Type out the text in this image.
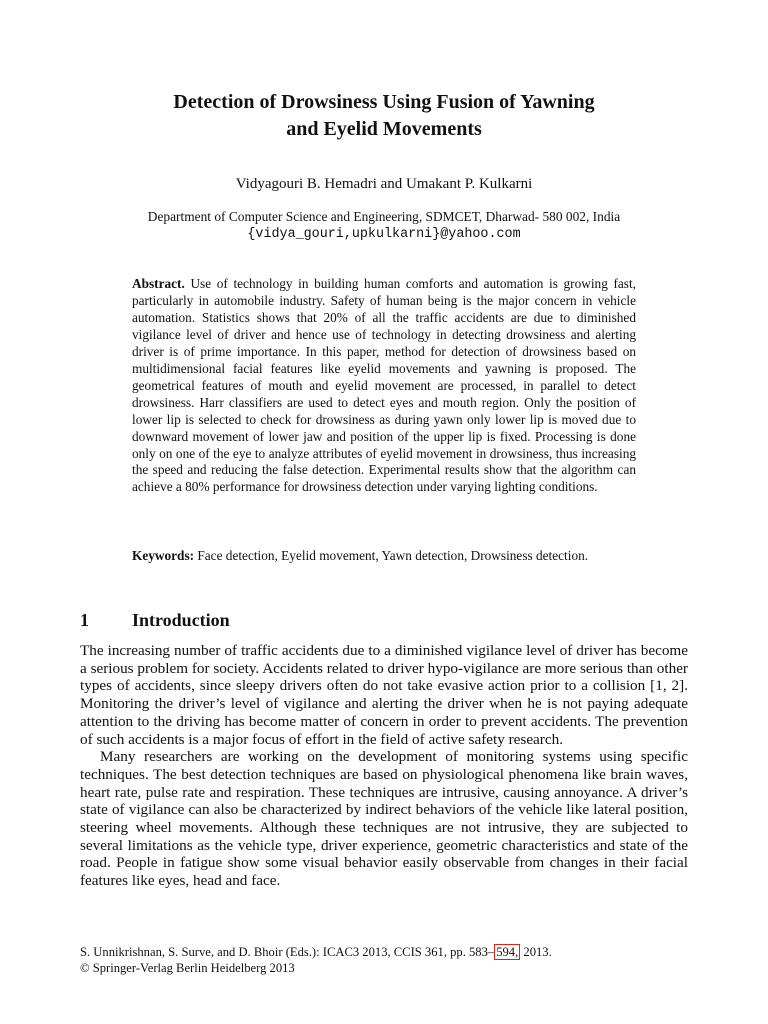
Detection of Drowsiness Using Fusion of Yawning
and Eyelid Movements
Vidyagouri B. Hemadri and Umakant P. Kulkarni
Department of Computer Science and Engineering, SDMCET, Dharwad- 580 002, India
{vidya_gouri,upkulkarni}@yahoo.com

Abstract. Use of technology in building human comforts and automation is growing fast, particularly in automobile industry. Safety of human being is the major concern in vehicle automation. Statistics shows that 20% of all the traffic accidents are due to diminished vigilance level of driver and hence use of technology in detecting drowsiness and alerting driver is of prime importance. In this paper, method for detection of drowsiness based on multidimensional facial features like eyelid movements and yawning is proposed. The geometrical features of mouth and eyelid movement are processed, in parallel to detect drowsiness. Harr classifiers are used to detect eyes and mouth region. Only the position of lower lip is selected to check for drowsiness as during yawn only lower lip is moved due to downward movement of lower jaw and position of the upper lip is fixed. Processing is done only on one of the eye to analyze attributes of eyelid movement in drowsiness, thus increasing the speed and reducing the false detection. Experimental results show that the algorithm can achieve a 80% performance for drowsiness detection under varying lighting conditions.

Keywords: Face detection, Eyelid movement, Yawn detection, Drowsiness detection.

1 Introduction

The increasing number of traffic accidents due to a diminished vigilance level of driver has become a serious problem for society. Accidents related to driver hypo-vigilance are more serious than other types of accidents, since sleepy drivers often do not take evasive action prior to a collision [1, 2]. Monitoring the driver’s level of vigilance and alerting the driver when he is not paying adequate attention to the driving has become matter of concern in order to prevent accidents. The prevention of such accidents is a major focus of effort in the field of active safety research.

Many researchers are working on the development of monitoring systems using specific techniques. The best detection techniques are based on physiological phenomena like brain waves, heart rate, pulse rate and respiration. These techniques are intrusive, causing annoyance. A driver’s state of vigilance can also be characterized by indirect behaviors of the vehicle like lateral position, steering wheel movements. Although these techniques are not intrusive, they are subjected to several limitations as the vehicle type, driver experience, geometric characteristics and state of the road. People in fatigue show some visual behavior easily observable from changes in their facial features like eyes, head and face.

S. Unnikrishnan, S. Surve, and D. Bhoir (Eds.): ICAC3 2013, CCIS 361, pp. 583– 594, 2013.
© Springer-Verlag Berlin Heidelberg 2013
